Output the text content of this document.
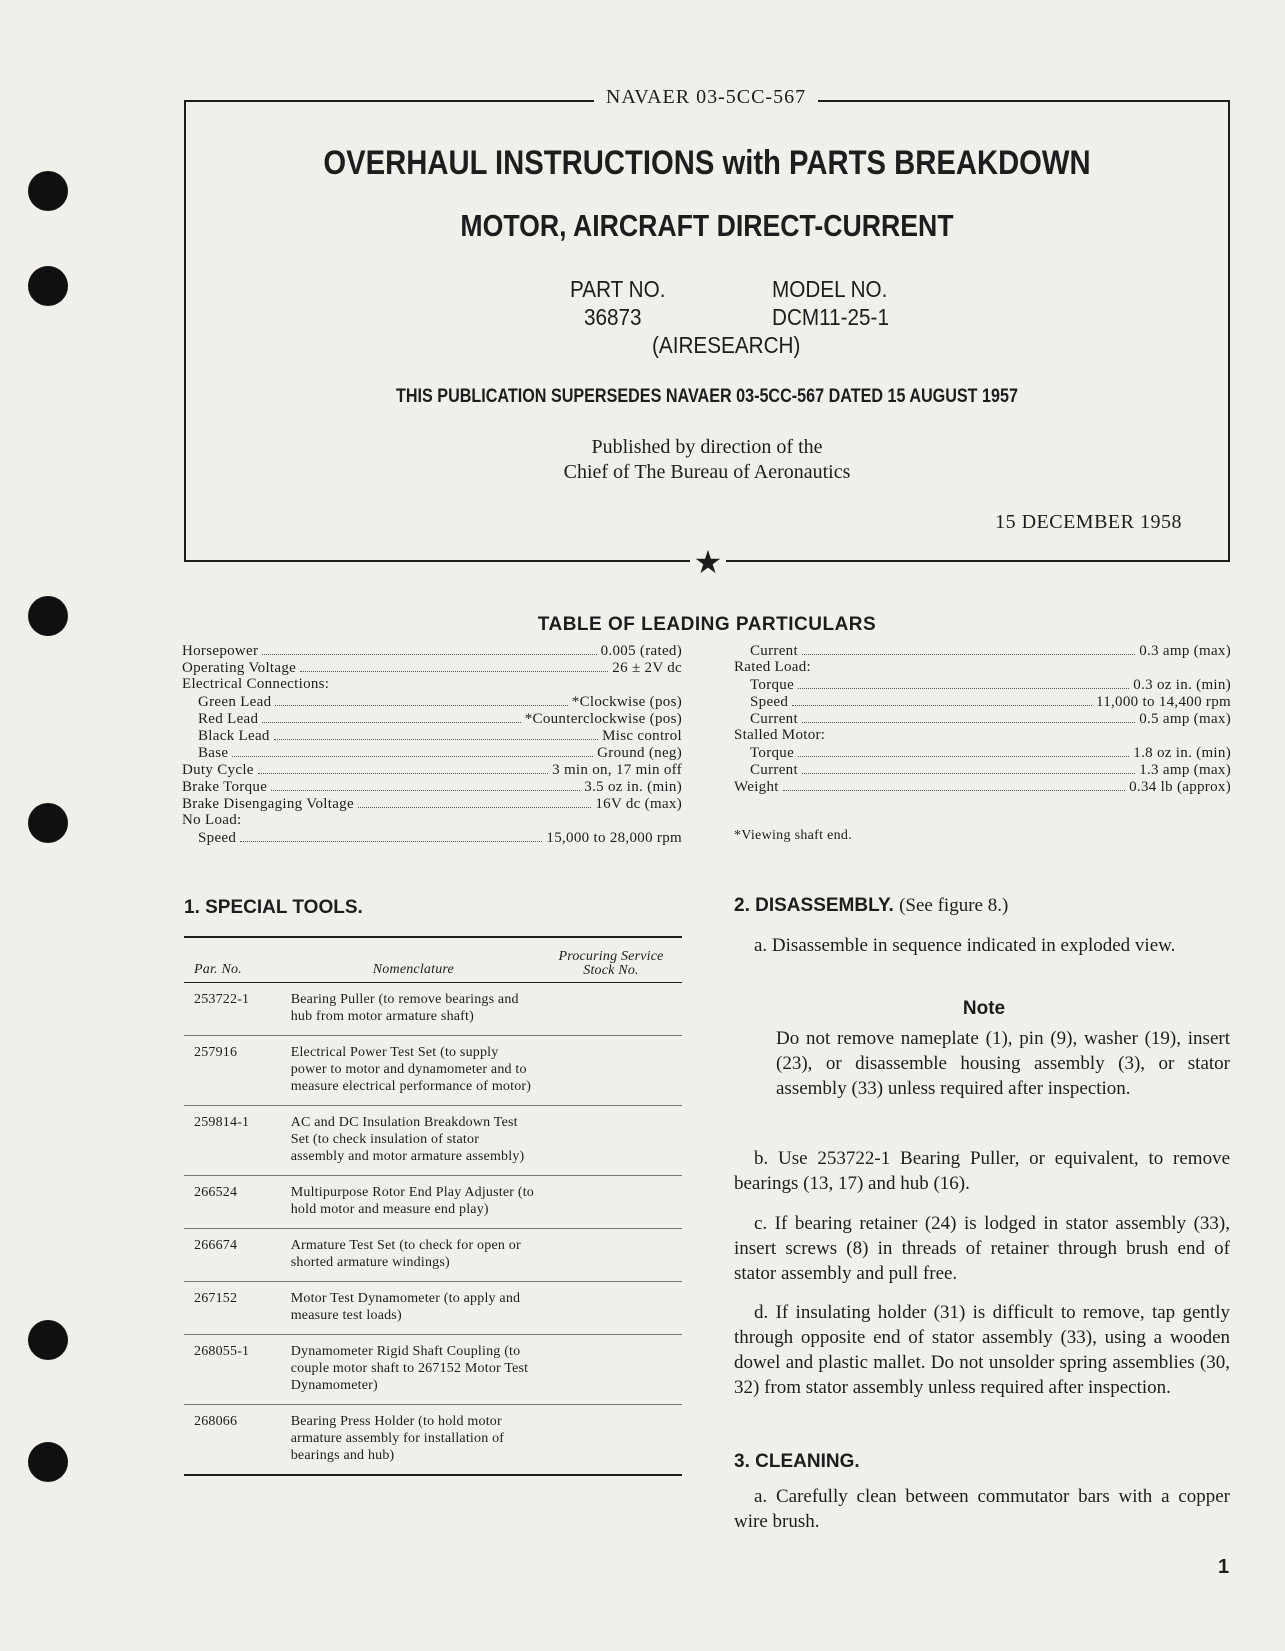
NAVAER 03-5CC-567
★
OVERHAUL INSTRUCTIONS with PARTS BREAKDOWN
MOTOR, AIRCRAFT DIRECT-CURRENT
PART NO.
36873
MODEL NO.
DCM11-25-1
(AIRESEARCH)
THIS PUBLICATION SUPERSEDES NAVAER 03-5CC-567 DATED 15 AUGUST 1957
Published by direction of the
Chief of The Bureau of Aeronautics
15 DECEMBER 1958
TABLE OF LEADING PARTICULARS
Horsepower	0.005 (rated)
Operating Voltage	26 ± 2V dc
Electrical Connections:
Green Lead	*Clockwise (pos)
Red Lead	*Counterclockwise (pos)
Black Lead	Misc control
Base	Ground (neg)
Duty Cycle	3 min on, 17 min off
Brake Torque	3.5 oz in. (min)
Brake Disengaging Voltage	16V dc (max)
No Load:
Speed	15,000 to 28,000 rpm
Current	0.3 amp (max)
Rated Load:
Torque	0.3 oz in. (min)
Speed	11,000 to 14,400 rpm
Current	0.5 amp (max)
Stalled Motor:
Torque	1.8 oz in. (min)
Current	1.3 amp (max)
Weight	0.34 lb (approx)
*Viewing shaft end.
1. SPECIAL TOOLS.
Par. No.	Nomenclature	Procuring Service Stock No.
253722-1	Bearing Puller (to remove bearings and hub from motor armature shaft)	
257916	Electrical Power Test Set (to supply power to motor and dynamometer and to measure electrical performance of motor)	
259814-1	AC and DC Insulation Breakdown Test Set (to check insulation of stator assembly and motor armature assembly)	
266524	Multipurpose Rotor End Play Adjuster (to hold motor and measure end play)	
266674	Armature Test Set (to check for open or shorted armature windings)	
267152	Motor Test Dynamometer (to apply and measure test loads)	
268055-1	Dynamometer Rigid Shaft Coupling (to couple motor shaft to 267152 Motor Test Dynamometer)	
268066	Bearing Press Holder (to hold motor armature assembly for installation of bearings and hub)	
2. DISASSEMBLY. (See figure 8.)
a. Disassemble in sequence indicated in exploded view.
Note
Do not remove nameplate (1), pin (9), washer (19), insert (23), or disassemble housing assembly (3), or stator assembly (33) unless required after inspection.
b. Use 253722-1 Bearing Puller, or equivalent, to remove bearings (13, 17) and hub (16).
c. If bearing retainer (24) is lodged in stator assembly (33), insert screws (8) in threads of retainer through brush end of stator assembly and pull free.
d. If insulating holder (31) is difficult to remove, tap gently through opposite end of stator assembly (33), using a wooden dowel and plastic mallet. Do not unsolder spring assemblies (30, 32) from stator assembly unless required after inspection.
3. CLEANING.
a. Carefully clean between commutator bars with a copper wire brush.
1
